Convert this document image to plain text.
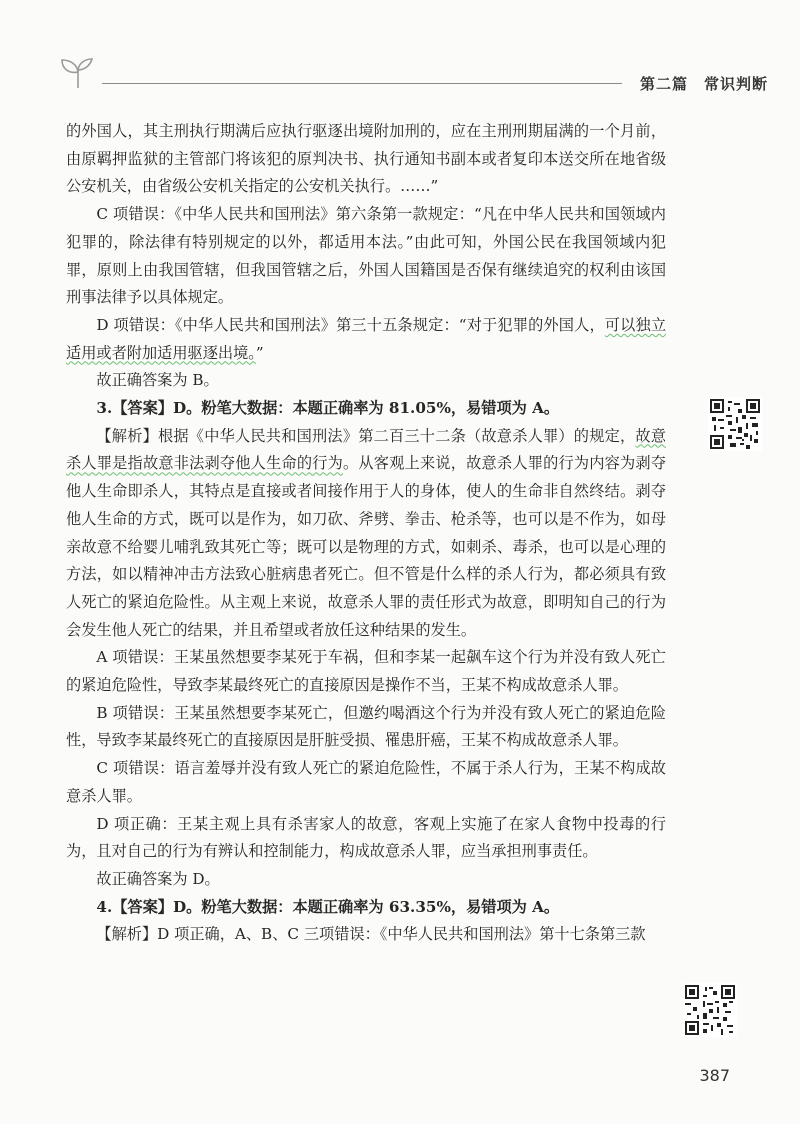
第二篇　常识判断

的外国人，其主刑执行期满后应执行驱逐出境附加刑的，应在主刑刑期届满的一个月前，由原羁押监狱的主管部门将该犯的原判决书、执行通知书副本或者复印本送交所在地省级公安机关，由省级公安机关指定的公安机关执行。……”

C 项错误：《中华人民共和国刑法》第六条第一款规定：“凡在中华人民共和国领域内犯罪的，除法律有特别规定的以外，都适用本法。”由此可知，外国公民在我国领域内犯罪，原则上由我国管辖，但我国管辖之后，外国人国籍国是否保有继续追究的权利由该国刑事法律予以具体规定。

D 项错误：《中华人民共和国刑法》第三十五条规定：“对于犯罪的外国人，可以独立适用或者附加适用驱逐出境。”

故正确答案为 B。

3.【答案】D。粉笔大数据：本题正确率为 81.05%，易错项为 A。

【解析】根据《中华人民共和国刑法》第二百三十二条（故意杀人罪）的规定，故意杀人罪是指故意非法剥夺他人生命的行为。从客观上来说，故意杀人罪的行为内容为剥夺他人生命即杀人，其特点是直接或者间接作用于人的身体，使人的生命非自然终结。剥夺他人生命的方式，既可以是作为，如刀砍、斧劈、拳击、枪杀等，也可以是不作为，如母亲故意不给婴儿哺乳致其死亡等；既可以是物理的方式，如刺杀、毒杀，也可以是心理的方法，如以精神冲击方法致心脏病患者死亡。但不管是什么样的杀人行为，都必须具有致人死亡的紧迫危险性。从主观上来说，故意杀人罪的责任形式为故意，即明知自己的行为会发生他人死亡的结果，并且希望或者放任这种结果的发生。

A 项错误：王某虽然想要李某死于车祸，但和李某一起飙车这个行为并没有致人死亡的紧迫危险性，导致李某最终死亡的直接原因是操作不当，王某不构成故意杀人罪。

B 项错误：王某虽然想要李某死亡，但邀约喝酒这个行为并没有致人死亡的紧迫危险性，导致李某最终死亡的直接原因是肝脏受损、罹患肝癌，王某不构成故意杀人罪。

C 项错误：语言羞辱并没有致人死亡的紧迫危险性，不属于杀人行为，王某不构成故意杀人罪。

D 项正确：王某主观上具有杀害家人的故意，客观上实施了在家人食物中投毒的行为，且对自己的行为有辨认和控制能力，构成故意杀人罪，应当承担刑事责任。

故正确答案为 D。

4.【答案】D。粉笔大数据：本题正确率为 63.35%，易错项为 A。

【解析】D 项正确，A、B、C 三项错误：《中华人民共和国刑法》第十七条第三款

387
